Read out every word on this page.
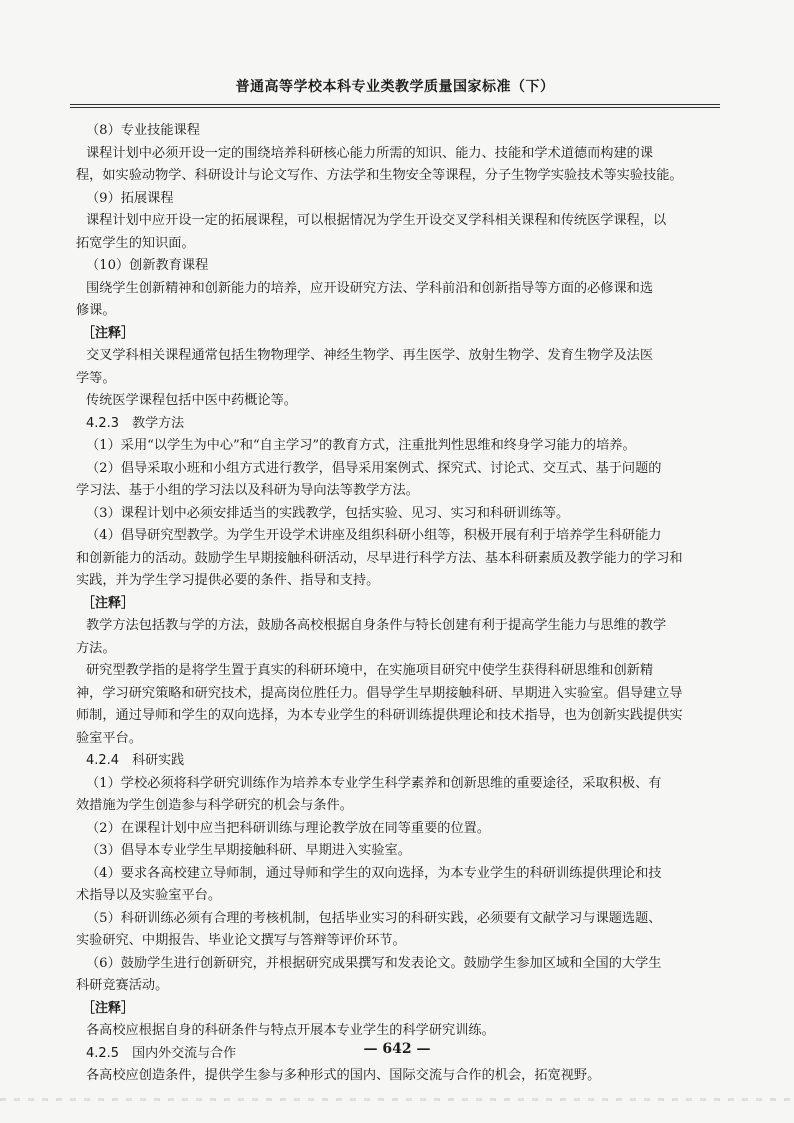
普通高等学校本科专业类教学质量国家标准（下）
（8）专业技能课程
课程计划中必须开设一定的围绕培养科研核心能力所需的知识、能力、技能和学术道德而构建的课
程，如实验动物学、科研设计与论文写作、方法学和生物安全等课程，分子生物学实验技术等实验技能。
（9）拓展课程
课程计划中应开设一定的拓展课程，可以根据情况为学生开设交叉学科相关课程和传统医学课程，以
拓宽学生的知识面。
（10）创新教育课程
围绕学生创新精神和创新能力的培养，应开设研究方法、学科前沿和创新指导等方面的必修课和选
修课。
［注释］
交叉学科相关课程通常包括生物物理学、神经生物学、再生医学、放射生物学、发育生物学及法医
学等。
传统医学课程包括中医中药概论等。
4.2.3　教学方法
（1）采用“以学生为中心”和“自主学习”的教育方式，注重批判性思维和终身学习能力的培养。
（2）倡导采取小班和小组方式进行教学，倡导采用案例式、探究式、讨论式、交互式、基于问题的
学习法、基于小组的学习法以及科研为导向法等教学方法。
（3）课程计划中必须安排适当的实践教学，包括实验、见习、实习和科研训练等。
（4）倡导研究型教学。为学生开设学术讲座及组织科研小组等，积极开展有利于培养学生科研能力
和创新能力的活动。鼓励学生早期接触科研活动，尽早进行科学方法、基本科研素质及教学能力的学习和
实践，并为学生学习提供必要的条件、指导和支持。
［注释］
教学方法包括教与学的方法，鼓励各高校根据自身条件与特长创建有利于提高学生能力与思维的教学
方法。
研究型教学指的是将学生置于真实的科研环境中，在实施项目研究中使学生获得科研思维和创新精
神，学习研究策略和研究技术，提高岗位胜任力。倡导学生早期接触科研、早期进入实验室。倡导建立导
师制，通过导师和学生的双向选择，为本专业学生的科研训练提供理论和技术指导，也为创新实践提供实
验室平台。
4.2.4　科研实践
（1）学校必须将科学研究训练作为培养本专业学生科学素养和创新思维的重要途径，采取积极、有
效措施为学生创造参与科学研究的机会与条件。
（2）在课程计划中应当把科研训练与理论教学放在同等重要的位置。
（3）倡导本专业学生早期接触科研、早期进入实验室。
（4）要求各高校建立导师制，通过导师和学生的双向选择，为本专业学生的科研训练提供理论和技
术指导以及实验室平台。
（5）科研训练必须有合理的考核机制，包括毕业实习的科研实践，必须要有文献学习与课题选题、
实验研究、中期报告、毕业论文撰写与答辩等评价环节。
（6）鼓励学生进行创新研究，并根据研究成果撰写和发表论文。鼓励学生参加区域和全国的大学生
科研竞赛活动。
［注释］
各高校应根据自身的科研条件与特点开展本专业学生的科学研究训练。
4.2.5　国内外交流与合作
各高校应创造条件，提供学生参与多种形式的国内、国际交流与合作的机会，拓宽视野。
— 642 —
